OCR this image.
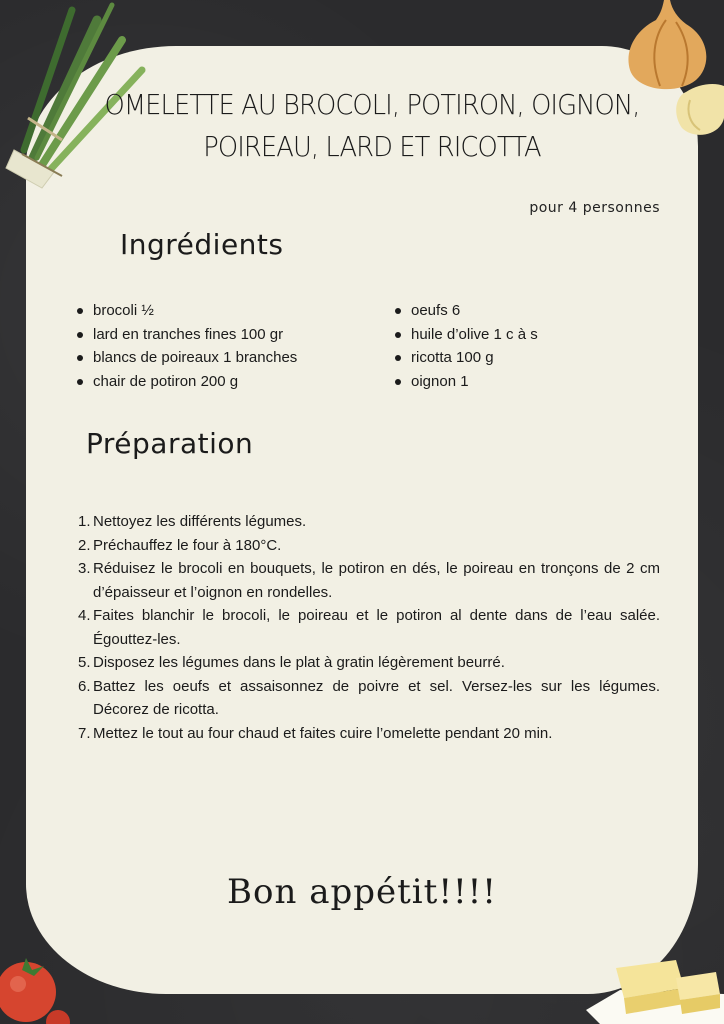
OMELETTE AU BROCOLI, POTIRON, OIGNON, POIREAU, LARD ET RICOTTA
pour 4 personnes
Ingrédients
brocoli ½
lard en tranches fines 100 gr
blancs de poireaux 1 branches
chair de potiron 200 g
oeufs 6
huile d’olive 1 c à s
ricotta 100 g
oignon 1
Préparation
1. Nettoyez les différents légumes.
2. Préchauffez le four à 180°C.
3. Réduisez le brocoli en bouquets, le potiron en dés, le poireau en tronçons de 2 cm d’épaisseur et l’oignon en rondelles.
4. Faites blanchir le brocoli, le poireau et le potiron al dente dans de l’eau salée. Égouttez-les.
5. Disposez les légumes dans le plat à gratin légèrement beurré.
6. Battez les oeufs et assaisonnez de poivre et sel. Versez-les sur les légumes. Décorez de ricotta.
7. Mettez le tout au four chaud et faites cuire l’omelette pendant 20 min.
Bon appétit!!!!
